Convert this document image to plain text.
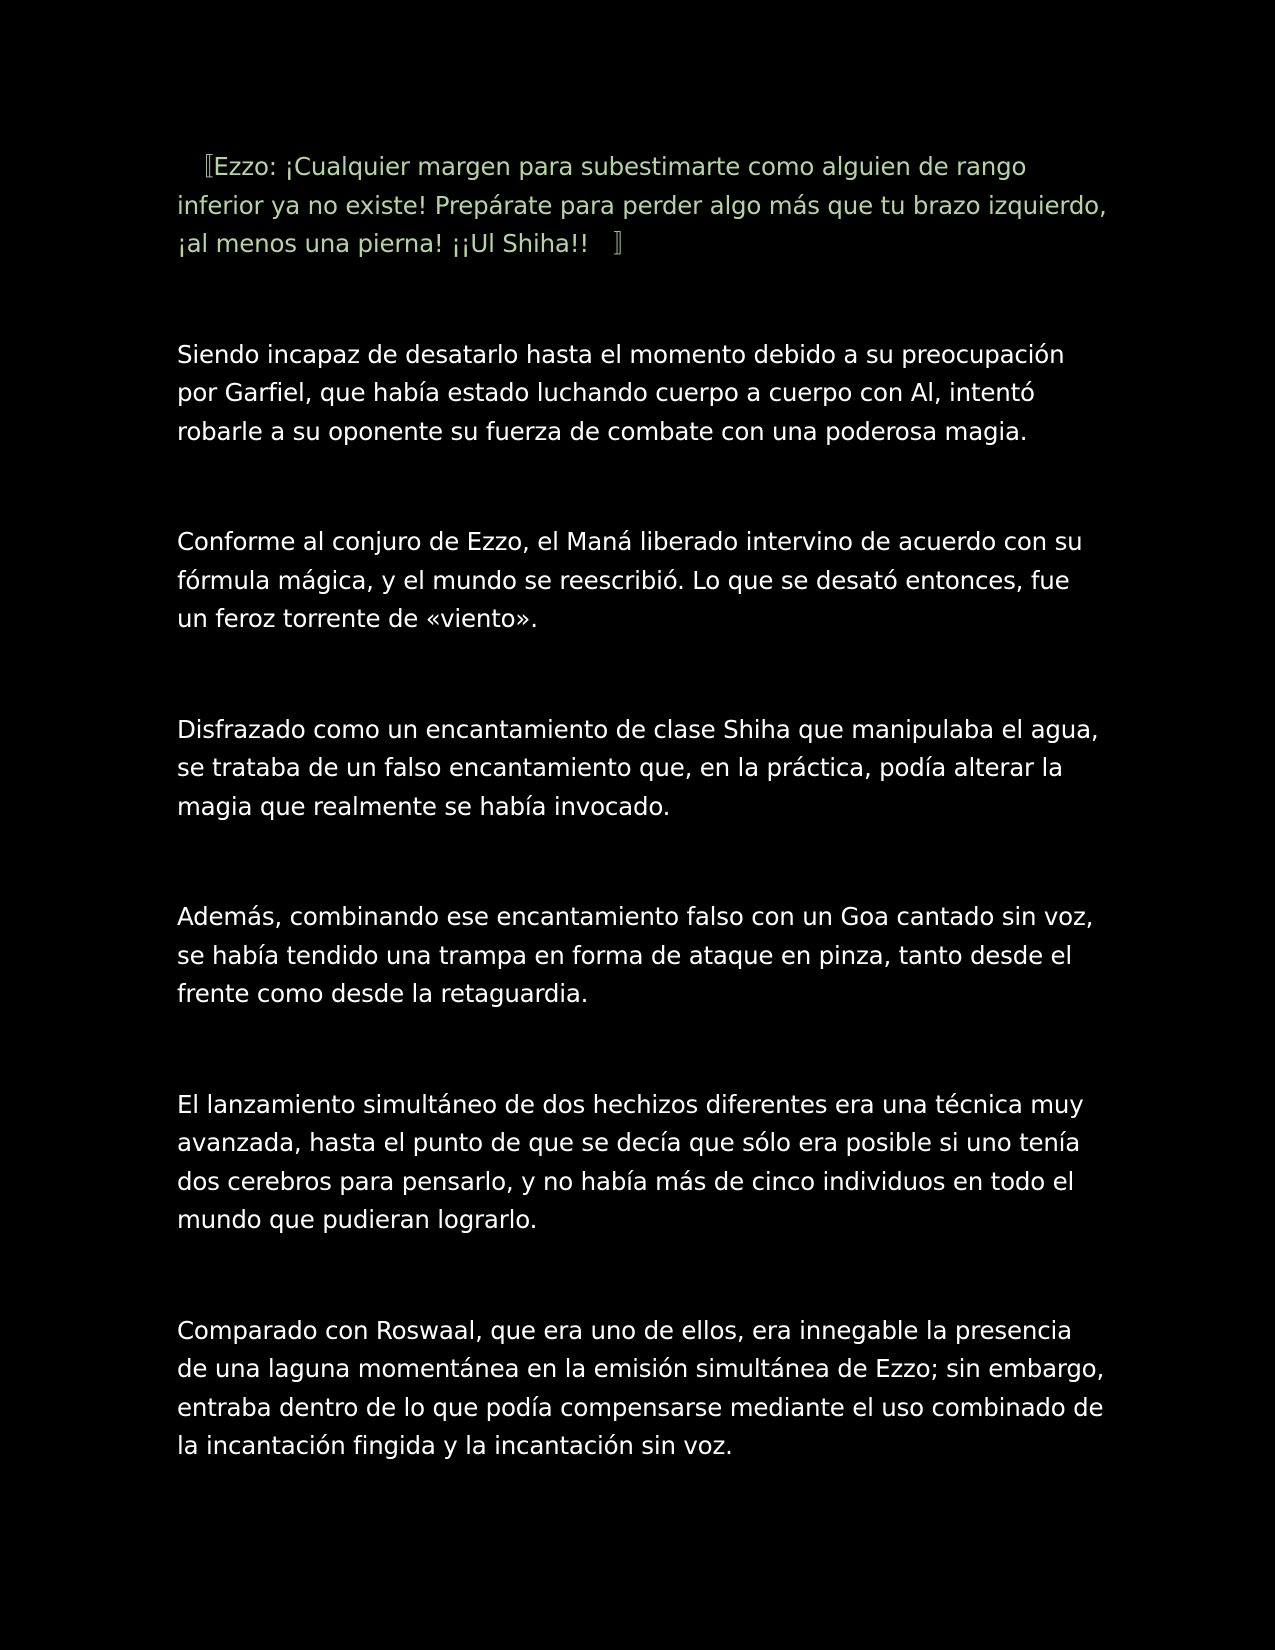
　〚Ezzo: ¡Cualquier margen para subestimarte como alguien de rango inferior ya no existe! Prepárate para perder algo más que tu brazo izquierdo, ¡al menos una pierna! ¡¡Ul Shiha!!　〛

Siendo incapaz de desatarlo hasta el momento debido a su preocupación por Garfiel, que había estado luchando cuerpo a cuerpo con Al, intentó robarle a su oponente su fuerza de combate con una poderosa magia.

Conforme al conjuro de Ezzo, el Maná liberado intervino de acuerdo con su fórmula mágica, y el mundo se reescribió. Lo que se desató entonces, fue un feroz torrente de «viento».

Disfrazado como un encantamiento de clase Shiha que manipulaba el agua, se trataba de un falso encantamiento que, en la práctica, podía alterar la magia que realmente se había invocado.

Además, combinando ese encantamiento falso con un Goa cantado sin voz, se había tendido una trampa en forma de ataque en pinza, tanto desde el frente como desde la retaguardia.

El lanzamiento simultáneo de dos hechizos diferentes era una técnica muy avanzada, hasta el punto de que se decía que sólo era posible si uno tenía dos cerebros para pensarlo, y no había más de cinco individuos en todo el mundo que pudieran lograrlo.

Comparado con Roswaal, que era uno de ellos, era innegable la presencia de una laguna momentánea en la emisión simultánea de Ezzo; sin embargo, entraba dentro de lo que podía compensarse mediante el uso combinado de la incantación fingida y la incantación sin voz.
